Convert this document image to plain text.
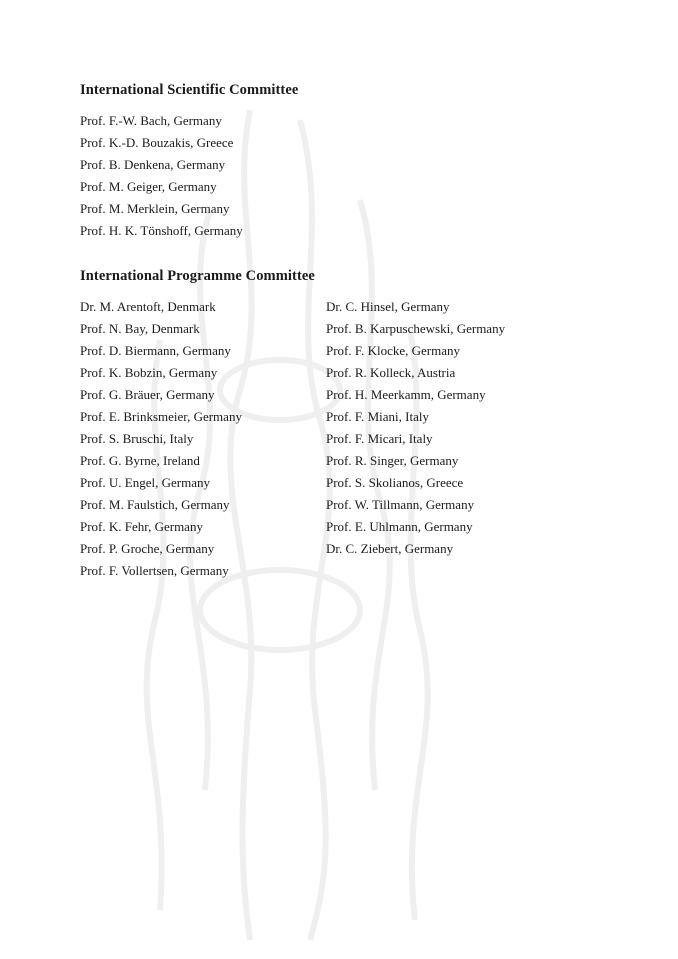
International Scientific Committee
Prof. F.-W. Bach, Germany
Prof. K.-D. Bouzakis, Greece
Prof. B. Denkena, Germany
Prof. M. Geiger, Germany
Prof. M. Merklein, Germany
Prof. H. K. Tönshoff, Germany
International Programme Committee
Dr. M. Arentoft, Denmark
Prof. N. Bay, Denmark
Prof. D. Biermann, Germany
Prof. K. Bobzin, Germany
Prof. G. Bräuer, Germany
Prof. E. Brinksmeier, Germany
Prof. S. Bruschi, Italy
Prof. G. Byrne, Ireland
Prof. U. Engel, Germany
Prof. M. Faulstich, Germany
Prof. K. Fehr, Germany
Prof. P. Groche, Germany
Prof. F. Vollertsen, Germany
Dr. C. Hinsel, Germany
Prof. B. Karpuschewski, Germany
Prof. F. Klocke, Germany
Prof. R. Kolleck, Austria
Prof. H. Meerkamm, Germany
Prof. F. Miani, Italy
Prof. F. Micari, Italy
Prof. R. Singer, Germany
Prof. S. Skolianos, Greece
Prof. W. Tillmann, Germany
Prof. E. Uhlmann, Germany
Dr. C. Ziebert, Germany
